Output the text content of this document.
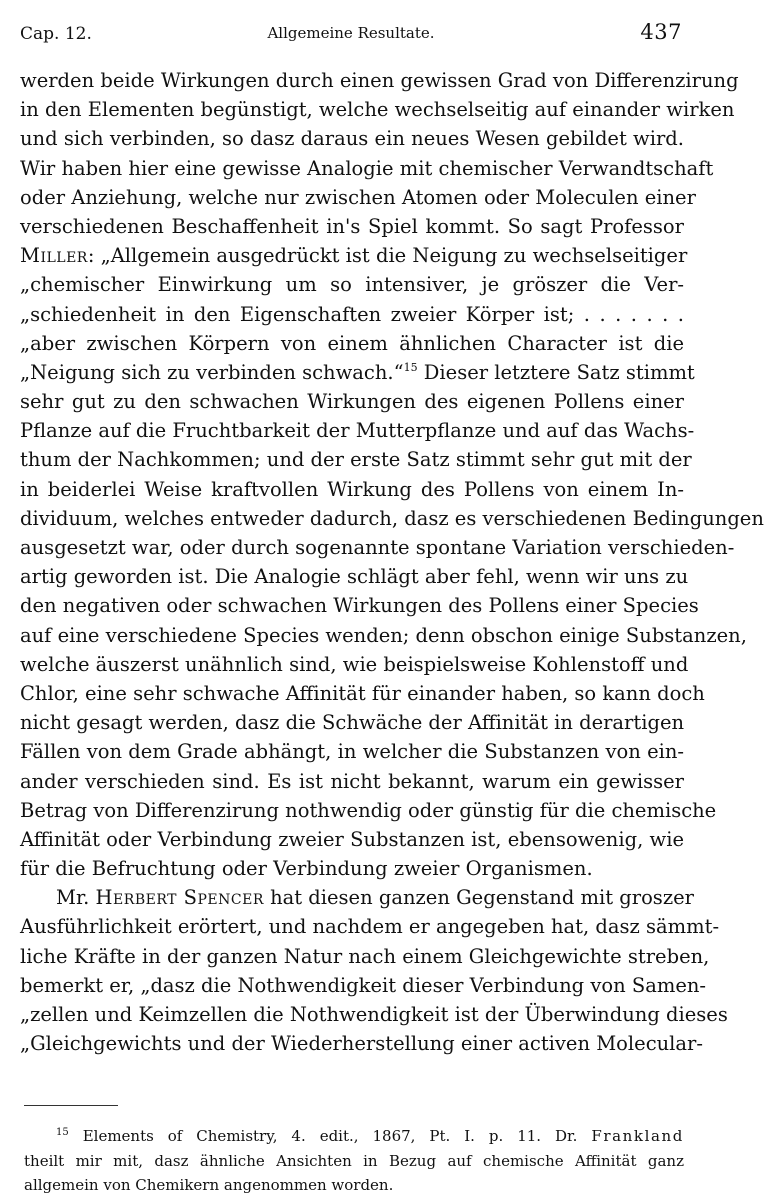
Cap. 12.	Allgemeine Resultate.	437
werden beide Wirkungen durch einen gewissen Grad von Differenzirung
in den Elementen begünstigt, welche wechselseitig auf einander wirken
und sich verbinden, so dasz daraus ein neues Wesen gebildet wird.
Wir haben hier eine gewisse Analogie mit chemischer Verwandtschaft
oder Anziehung, welche nur zwischen Atomen oder Moleculen einer
verschiedenen Beschaffenheit in's Spiel kommt. So sagt Professor
Miller: „Allgemein ausgedrückt ist die Neigung zu wechselseitiger
„chemischer Einwirkung um so intensiver, je gröszer die Ver-
„schiedenheit in den Eigenschaften zweier Körper ist; . . . . . . .
„aber zwischen Körpern von einem ähnlichen Character ist die
„Neigung sich zu verbinden schwach.“$^{15}$ Dieser letztere Satz stimmt
sehr gut zu den schwachen Wirkungen des eigenen Pollens einer
Pflanze auf die Fruchtbarkeit der Mutterpflanze und auf das Wachs-
thum der Nachkommen; und der erste Satz stimmt sehr gut mit der
in beiderlei Weise kraftvollen Wirkung des Pollens von einem In-
dividuum, welches entweder dadurch, dasz es verschiedenen Bedingungen
ausgesetzt war, oder durch sogenannte spontane Variation verschieden-
artig geworden ist. Die Analogie schlägt aber fehl, wenn wir uns zu
den negativen oder schwachen Wirkungen des Pollens einer Species
auf eine verschiedene Species wenden; denn obschon einige Substanzen,
welche äuszerst unähnlich sind, wie beispielsweise Kohlenstoff und
Chlor, eine sehr schwache Affinität für einander haben, so kann doch
nicht gesagt werden, dasz die Schwäche der Affinität in derartigen
Fällen von dem Grade abhängt, in welcher die Substanzen von ein-
ander verschieden sind. Es ist nicht bekannt, warum ein gewisser
Betrag von Differenzirung nothwendig oder günstig für die chemische
Affinität oder Verbindung zweier Substanzen ist, ebensowenig, wie
für die Befruchtung oder Verbindung zweier Organismen.
Mr. Herbert Spencer hat diesen ganzen Gegenstand mit groszer
Ausführlichkeit erörtert, und nachdem er angegeben hat, dasz sämmt-
liche Kräfte in der ganzen Natur nach einem Gleichgewichte streben,
bemerkt er, „dasz die Nothwendigkeit dieser Verbindung von Samen-
„zellen und Keimzellen die Nothwendigkeit ist der Überwindung dieses
„Gleichgewichts und der Wiederherstellung einer activen Molecular-
$^{15}$ Elements of Chemistry, 4. edit., 1867, Pt. I. p. 11. Dr. Frankland
theilt mir mit, dasz ähnliche Ansichten in Bezug auf chemische Affinität ganz
allgemein von Chemikern angenommen worden.
